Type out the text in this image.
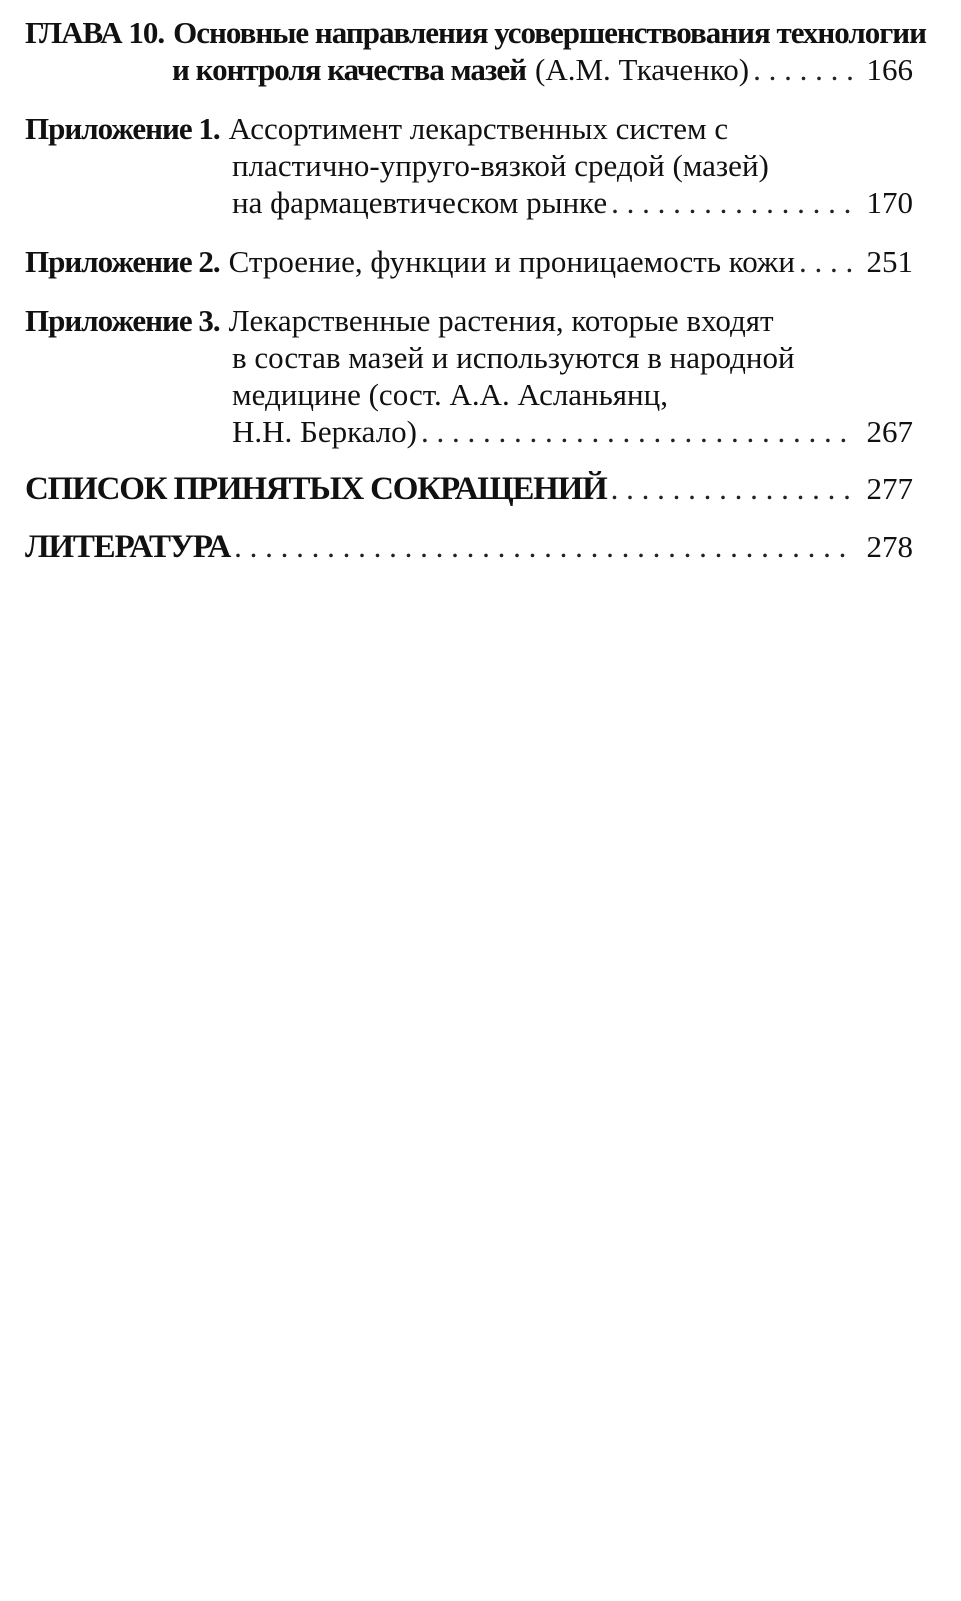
ГЛАВА 10. Основные направления усовершенствования технологии
и контроля качества мазей (А.М. Ткаченко) . . .	166
Приложение 1. Ассортимент лекарственных систем с
пластично-упруго-вязкой средой (мазей)
на фармацевтическом рынке . . .	170
Приложение 2. Строение, функции и проницаемость кожи . . . 251
Приложение 3. Лекарственные растения, которые входят
в состав мазей и используются в народной
медицине (сост. А.А. Асланьянц,
Н.Н. Беркало) . . .	267
СПИСОК ПРИНЯТЫХ СОКРАЩЕНИЙ . . .	277
ЛИТЕРАТУРА . . .	278
